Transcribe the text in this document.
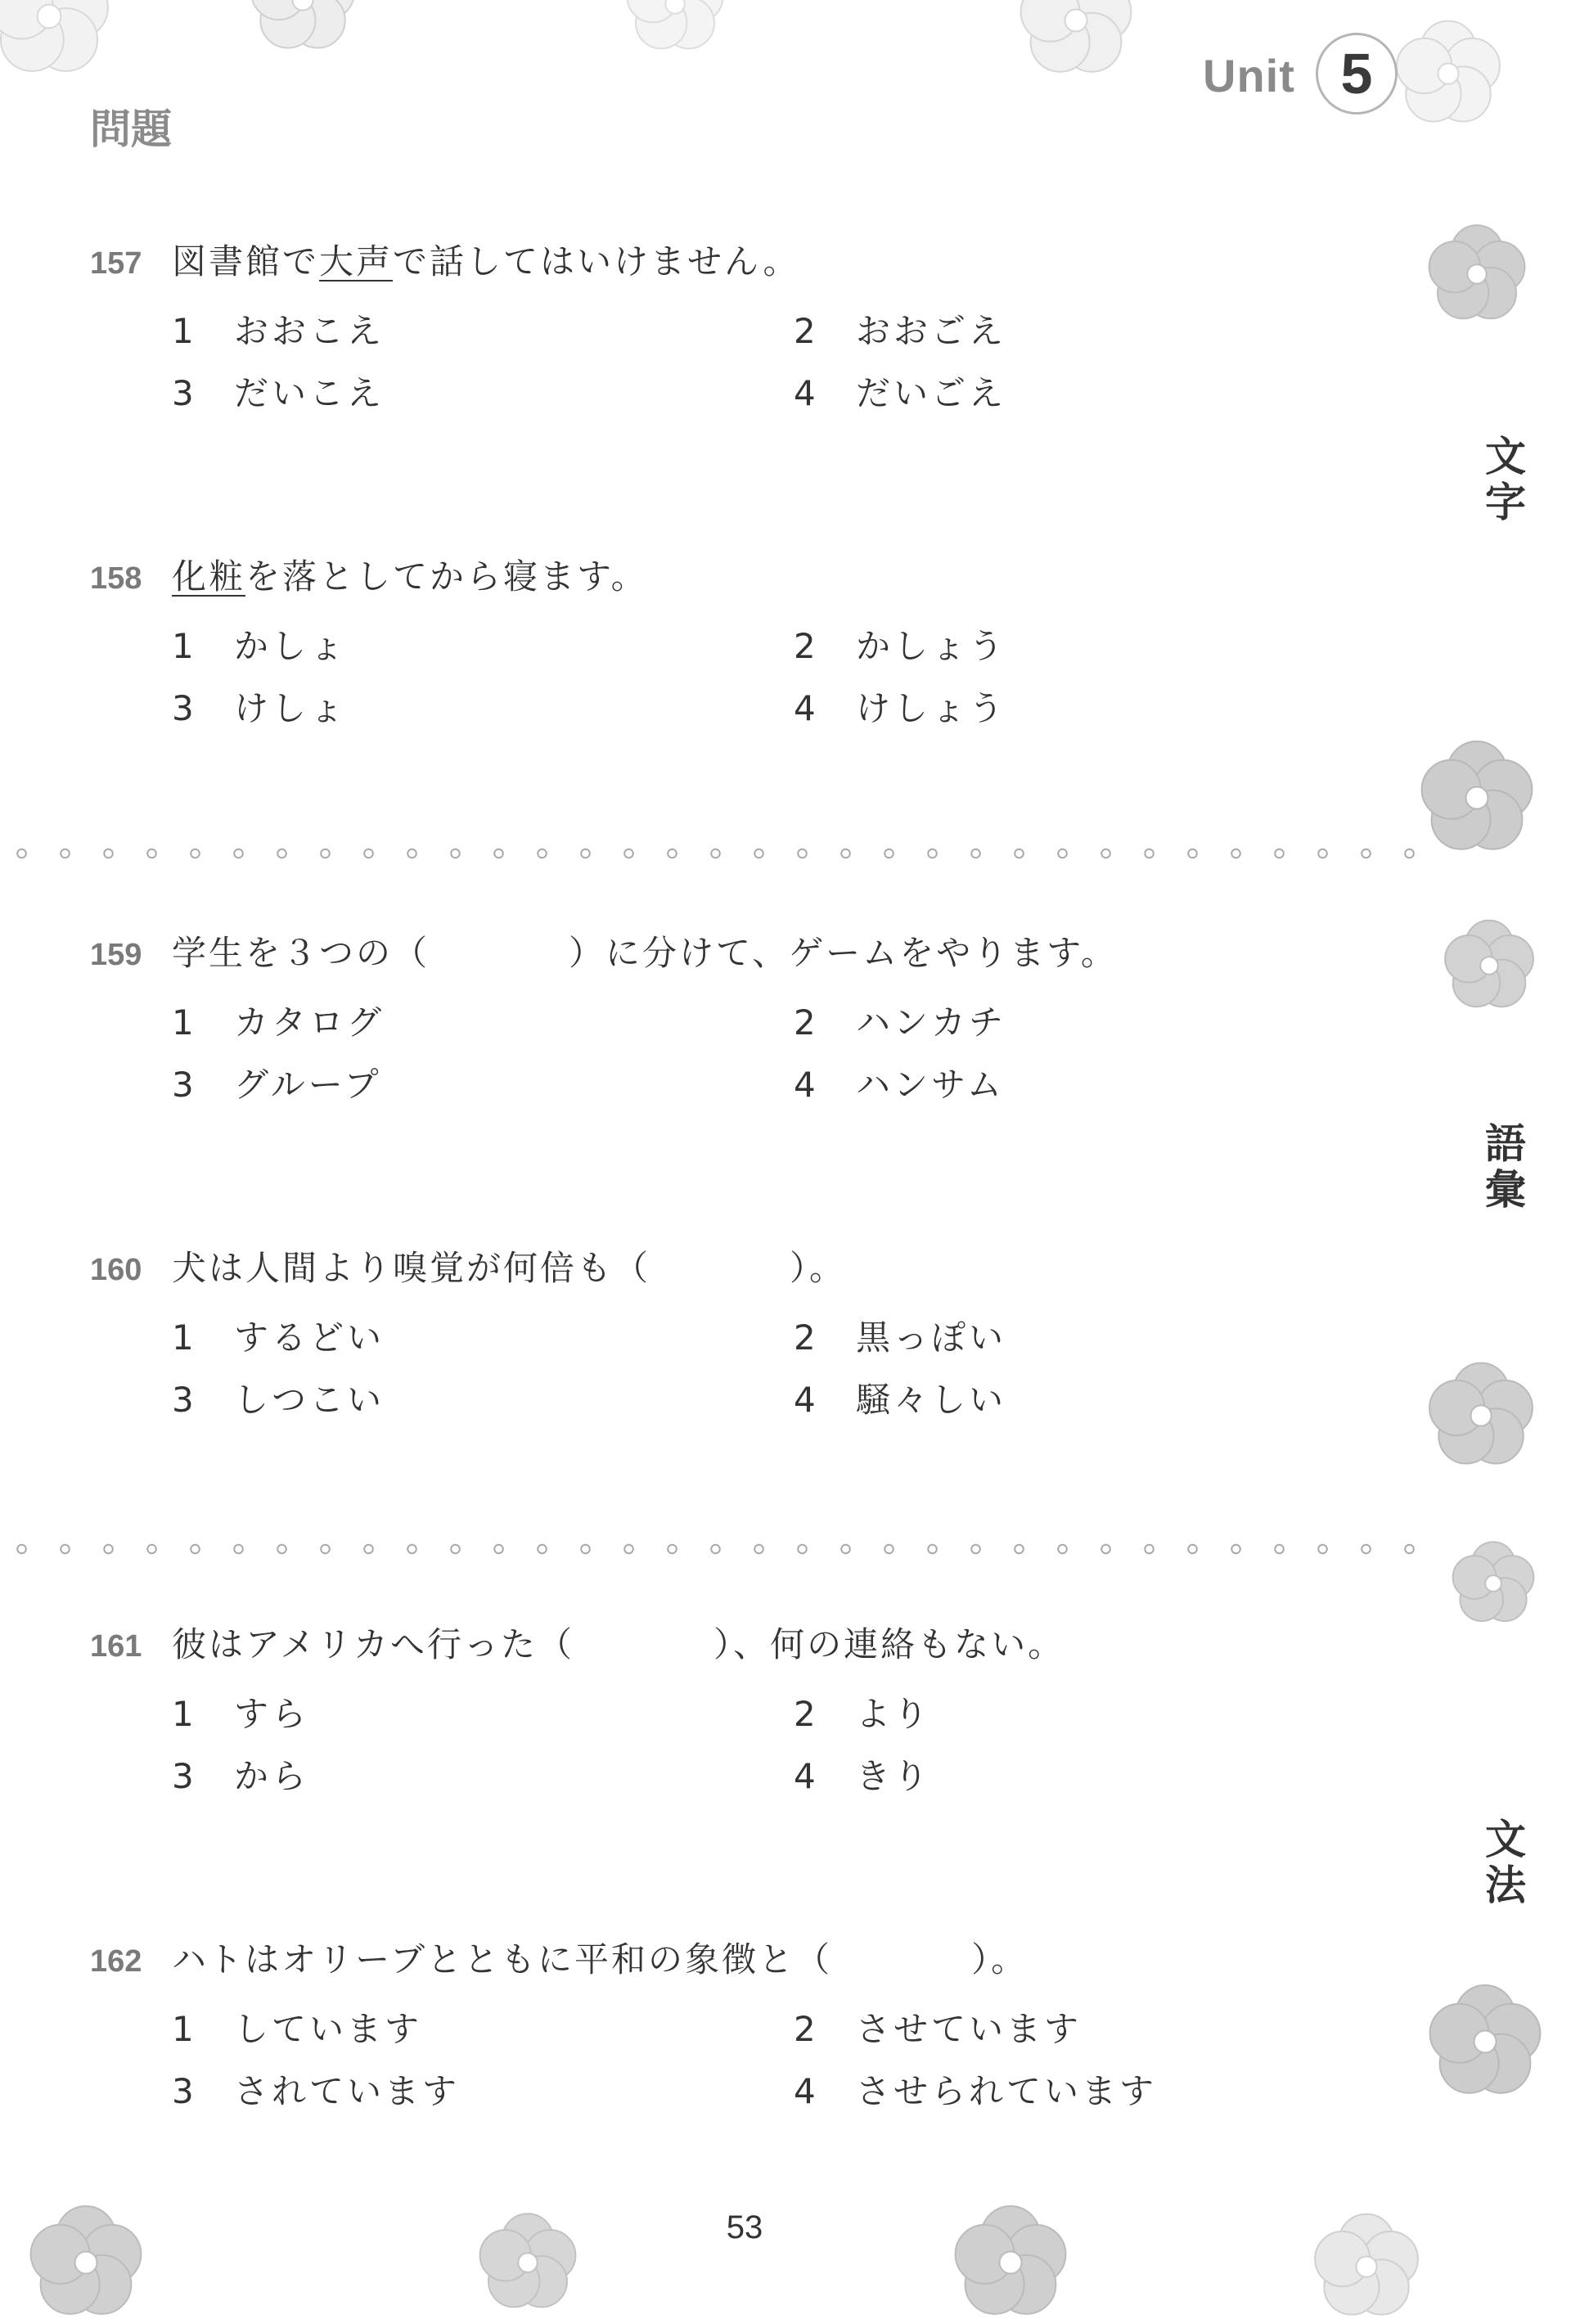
Unit 5
問題
文
字
語
彙
文
法
157 図書館で大声で話してはいけません。
1 おおこえ	2 おおごえ
3 だいこえ	4 だいごえ
158 化粧を落としてから寝ます。
1 かしょ	2 かしょう
3 けしょ	4 けしょう
159 学生を３つの（	）に分けて、ゲームをやります。
1 カタログ	2 ハンカチ
3 グループ	4 ハンサム
160 犬は人間より嗅覚が何倍も（	）。
1 するどい	2 黒っぽい
3 しつこい	4 騒々しい
161 彼はアメリカへ行った（	）、何の連絡もない。
1 すら	2 より
3 から	4 きり
162 ハトはオリーブとともに平和の象徴と（	）。
1 しています	2 させています
3 されています	4 させられています
53
